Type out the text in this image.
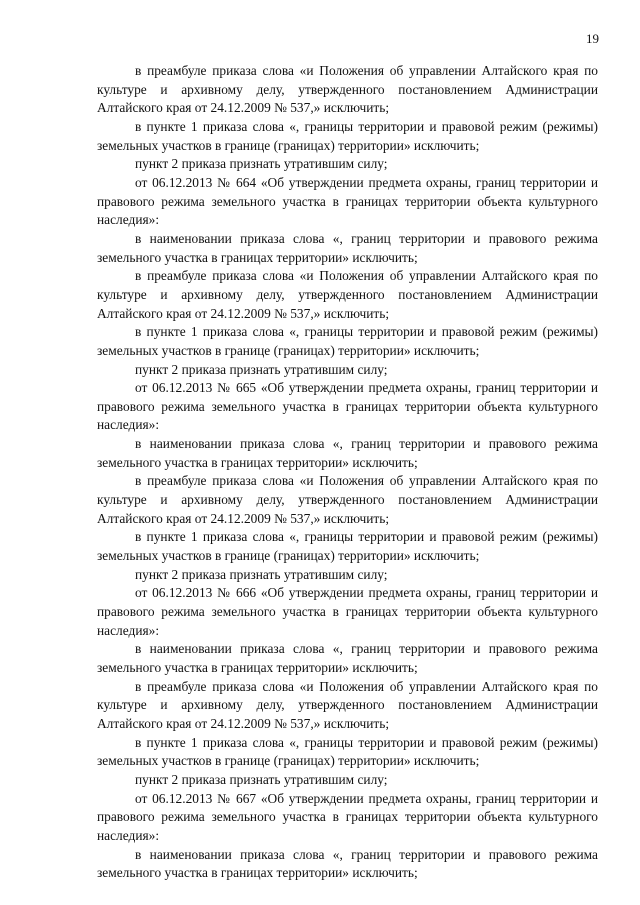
19

в преамбуле приказа слова «и Положения об управлении Алтайского края по культуре и архивному делу, утвержденного постановлением Администрации Алтайского края от 24.12.2009 № 537,» исключить;

в пункте 1 приказа слова «, границы территории и правовой режим (режимы) земельных участков в границе (границах) территории» исключить;

пункт 2 приказа признать утратившим силу;

от 06.12.2013 № 664 «Об утверждении предмета охраны, границ территории и правового режима земельного участка в границах территории объекта культурного наследия»:

в наименовании приказа слова «, границ территории и правового режима земельного участка в границах территории» исключить;

в преамбуле приказа слова «и Положения об управлении Алтайского края по культуре и архивному делу, утвержденного постановлением Администрации Алтайского края от 24.12.2009 № 537,» исключить;

в пункте 1 приказа слова «, границы территории и правовой режим (режимы) земельных участков в границе (границах) территории» исключить;

пункт 2 приказа признать утратившим силу;

от 06.12.2013 № 665 «Об утверждении предмета охраны, границ территории и правового режима земельного участка в границах территории объекта культурного наследия»:

в наименовании приказа слова «, границ территории и правового режима земельного участка в границах территории» исключить;

в преамбуле приказа слова «и Положения об управлении Алтайского края по культуре и архивному делу, утвержденного постановлением Администрации Алтайского края от 24.12.2009 № 537,» исключить;

в пункте 1 приказа слова «, границы территории и правовой режим (режимы) земельных участков в границе (границах) территории» исключить;

пункт 2 приказа признать утратившим силу;

от 06.12.2013 № 666 «Об утверждении предмета охраны, границ территории и правового режима земельного участка в границах территории объекта культурного наследия»:

в наименовании приказа слова «, границ территории и правового режима земельного участка в границах территории» исключить;

в преамбуле приказа слова «и Положения об управлении Алтайского края по культуре и архивному делу, утвержденного постановлением Администрации Алтайского края от 24.12.2009 № 537,» исключить;

в пункте 1 приказа слова «, границы территории и правовой режим (режимы) земельных участков в границе (границах) территории» исключить;

пункт 2 приказа признать утратившим силу;

от 06.12.2013 № 667 «Об утверждении предмета охраны, границ территории и правового режима земельного участка в границах территории объекта культурного наследия»:

в наименовании приказа слова «, границ территории и правового режима земельного участка в границах территории» исключить;
